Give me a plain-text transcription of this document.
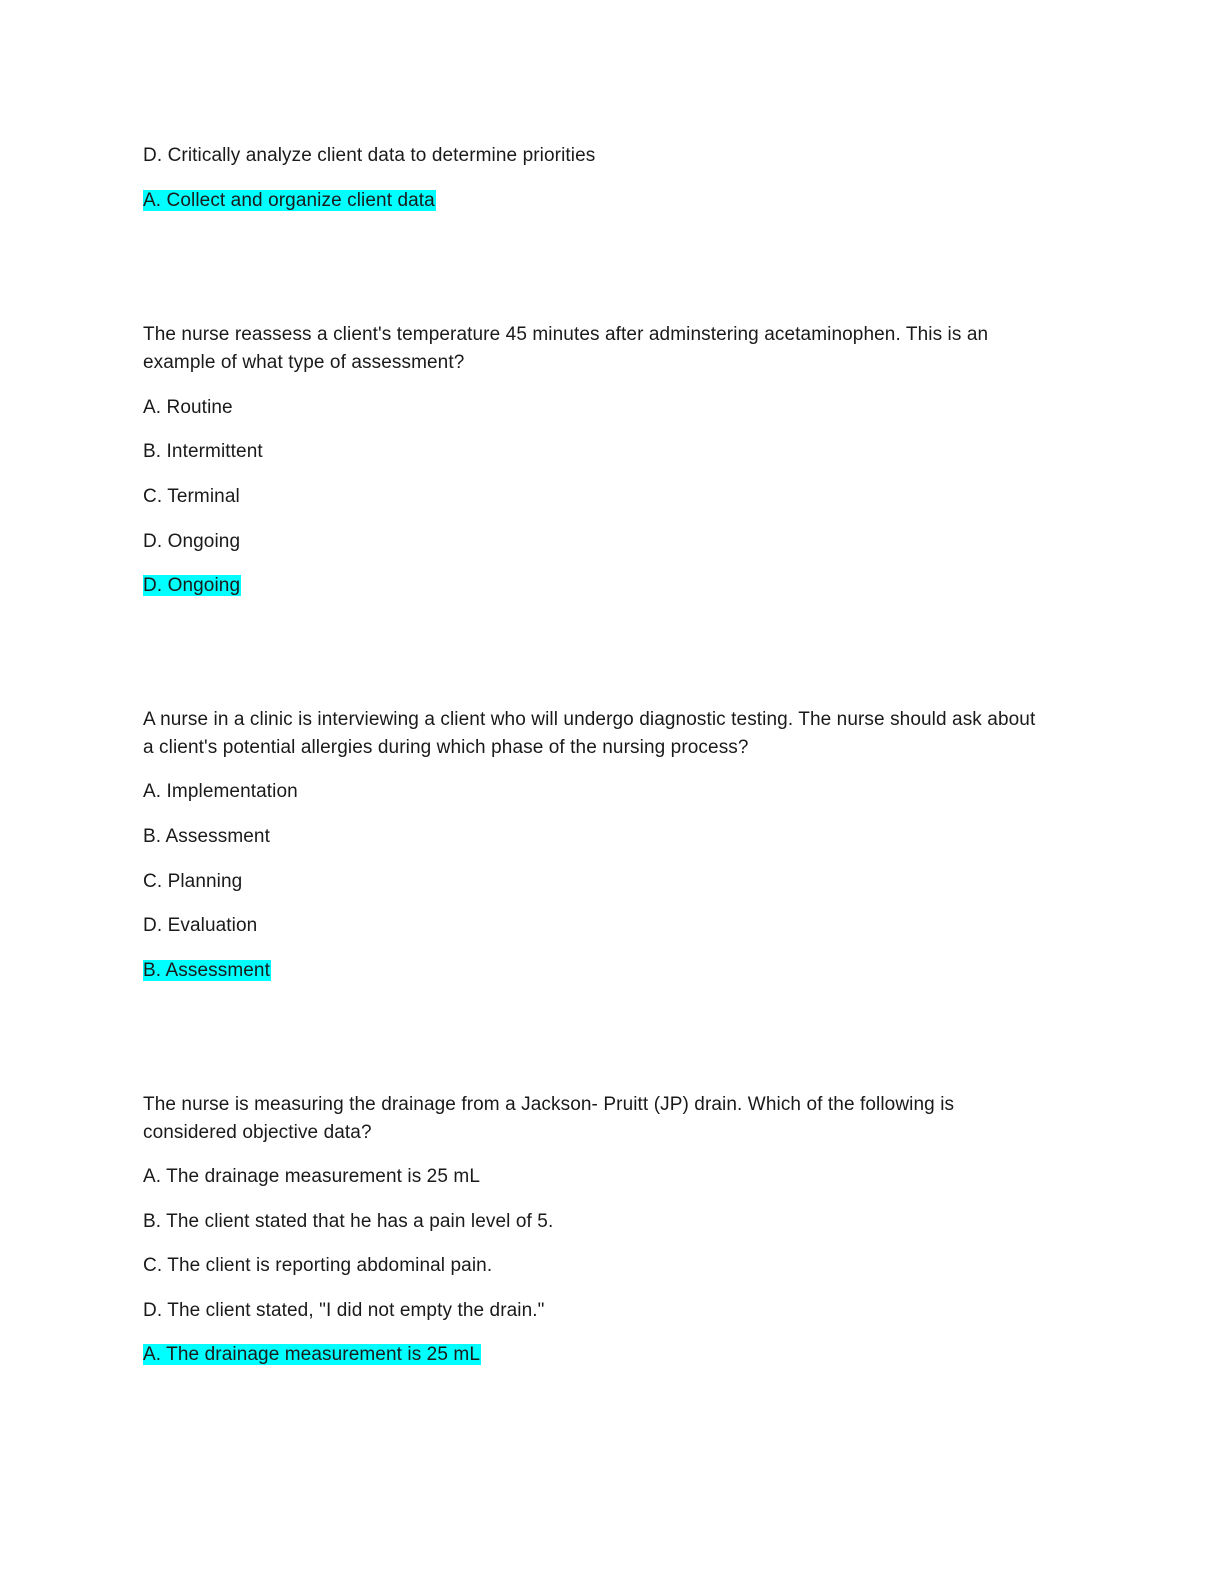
D. Critically analyze client data to determine priorities
A. Collect and organize client data
The nurse reassess a client's temperature 45 minutes after adminstering acetaminophen. This is an example of what type of assessment?
A. Routine
B. Intermittent
C. Terminal
D. Ongoing
D. Ongoing
A nurse in a clinic is interviewing a client who will undergo diagnostic testing. The nurse should ask about a client's potential allergies during which phase of the nursing process?
A. Implementation
B. Assessment
C. Planning
D. Evaluation
B. Assessment
The nurse is measuring the drainage from a Jackson- Pruitt (JP) drain. Which of the following is considered objective data?
A. The drainage measurement is 25 mL
B. The client stated that he has a pain level of 5.
C. The client is reporting abdominal pain.
D. The client stated, "I did not empty the drain."
A. The drainage measurement is 25 mL
